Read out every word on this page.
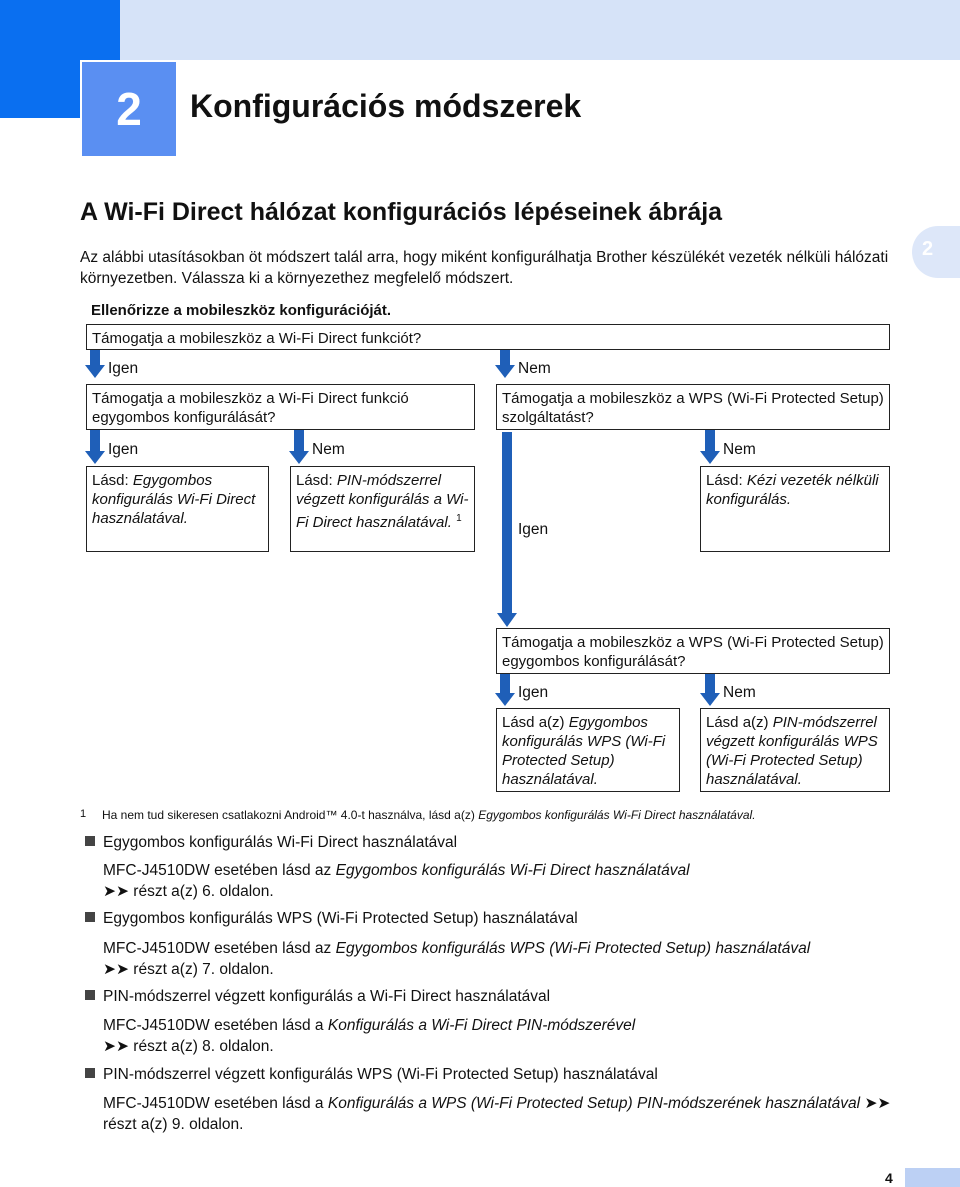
2	Konfigurációs módszerek
2
A Wi-Fi Direct hálózat konfigurációs lépéseinek ábrája
Az alábbi utasításokban öt módszert talál arra, hogy miként konfigurálhatja Brother készülékét vezeték nélküli hálózati környezetben. Válassza ki a környezethez megfelelő módszert.
Ellenőrizze a mobileszköz konfigurációját.
Támogatja a mobileszköz a Wi-Fi Direct funkciót?
Igen	Nem
Támogatja a mobileszköz a Wi-Fi Direct funkció egygombos konfigurálását?
Támogatja a mobileszköz a WPS (Wi-Fi Protected Setup) szolgáltatást?
Igen	Nem	Nem
Lásd: Egygombos konfigurálás Wi-Fi Direct használatával.
Lásd: PIN-módszerrel végzett konfigurálás a Wi-Fi Direct használatával. $^1$
Lásd: Kézi vezeték nélküli konfigurálás.
Igen
Támogatja a mobileszköz a WPS (Wi-Fi Protected Setup) egygombos konfigurálását?
Igen	Nem
Lásd a(z) Egygombos konfigurálás WPS (Wi-Fi Protected Setup) használatával.
Lásd a(z) PIN-módszerrel végzett konfigurálás WPS (Wi-Fi Protected Setup) használatával.
1 Ha nem tud sikeresen csatlakozni Android™ 4.0-t használva, lásd a(z) Egygombos konfigurálás Wi-Fi Direct használatával.
Egygombos konfigurálás Wi-Fi Direct használatával
MFC-J4510DW esetében lásd az Egygombos konfigurálás Wi-Fi Direct használatával
➤➤ részt a(z) 6. oldalon.
Egygombos konfigurálás WPS (Wi-Fi Protected Setup) használatával
MFC-J4510DW esetében lásd az Egygombos konfigurálás WPS (Wi-Fi Protected Setup) használatával
➤➤ részt a(z) 7. oldalon.
PIN-módszerrel végzett konfigurálás a Wi-Fi Direct használatával
MFC-J4510DW esetében lásd a Konfigurálás a Wi-Fi Direct PIN-módszerével
➤➤ részt a(z) 8. oldalon.
PIN-módszerrel végzett konfigurálás WPS (Wi-Fi Protected Setup) használatával
MFC-J4510DW esetében lásd a Konfigurálás a WPS (Wi-Fi Protected Setup) PIN-módszerének használatával ➤➤ részt a(z) 9. oldalon.
4
